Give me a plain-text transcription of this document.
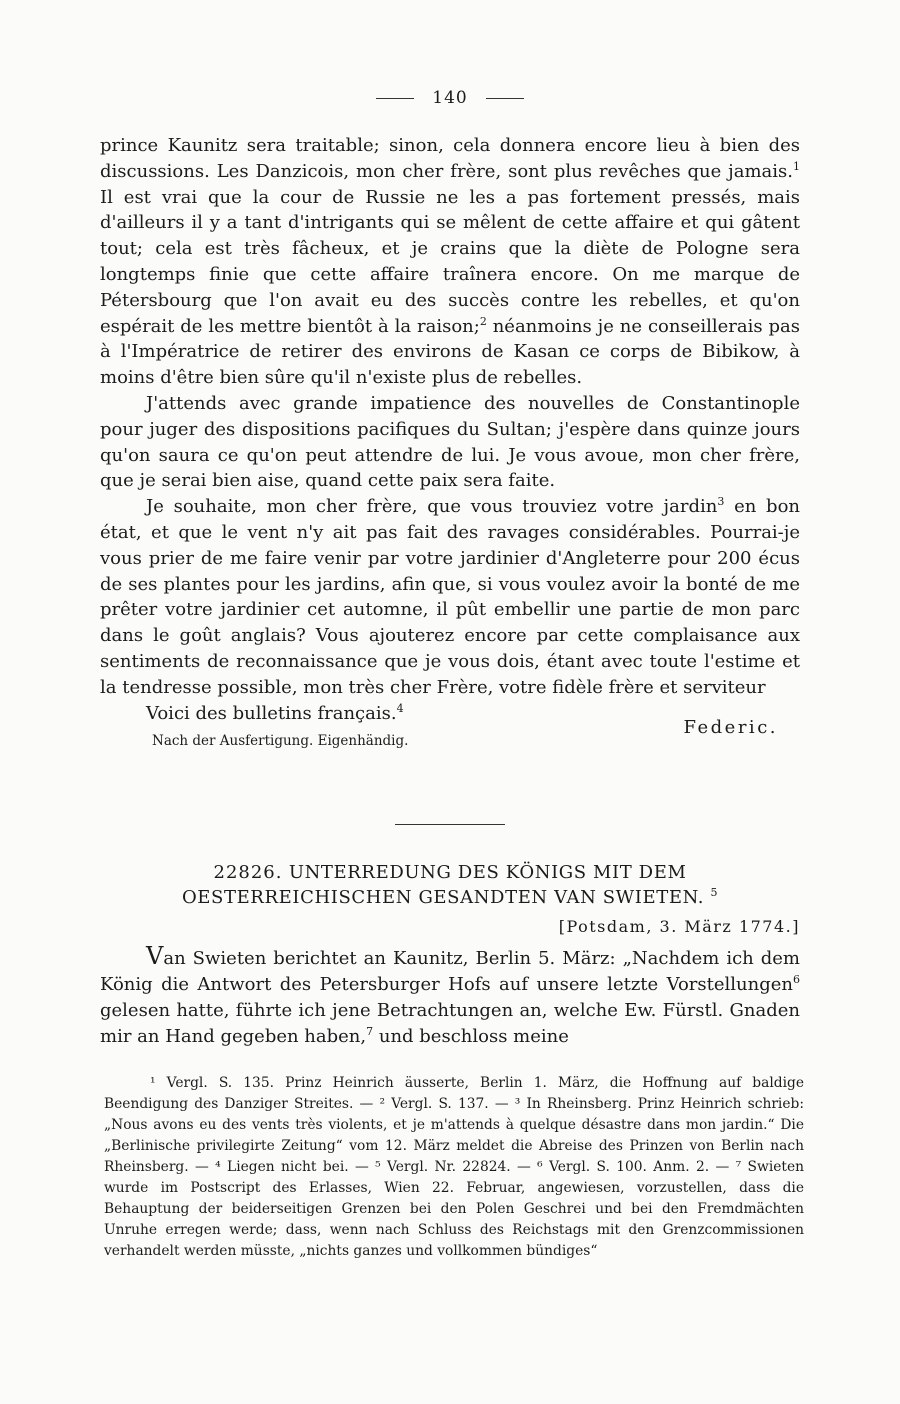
140

prince Kaunitz sera traitable; sinon, cela donnera encore lieu à bien des discussions. Les Danzicois, mon cher frère, sont plus revêches que jamais.$^1$ Il est vrai que la cour de Russie ne les a pas fortement pressés, mais d'ailleurs il y a tant d'intrigants qui se mêlent de cette affaire et qui gâtent tout; cela est très fâcheux, et je crains que la diète de Pologne sera longtemps finie que cette affaire traînera encore. On me marque de Pétersbourg que l'on avait eu des succès contre les rebelles, et qu'on espérait de les mettre bientôt à la raison;$^2$ néanmoins je ne conseillerais pas à l'Impératrice de retirer des environs de Kasan ce corps de Bibikow, à moins d'être bien sûre qu'il n'existe plus de rebelles.

J'attends avec grande impatience des nouvelles de Constantinople pour juger des dispositions pacifiques du Sultan; j'espère dans quinze jours qu'on saura ce qu'on peut attendre de lui. Je vous avoue, mon cher frère, que je serai bien aise, quand cette paix sera faite.

Je souhaite, mon cher frère, que vous trouviez votre jardin$^3$ en bon état, et que le vent n'y ait pas fait des ravages considérables. Pourrai-je vous prier de me faire venir par votre jardinier d'Angleterre pour 200 écus de ses plantes pour les jardins, afin que, si vous voulez avoir la bonté de me prêter votre jardinier cet automne, il pût embellir une partie de mon parc dans le goût anglais? Vous ajouterez encore par cette complaisance aux sentiments de reconnaissance que je vous dois, étant avec toute l'estime et la tendresse possible, mon très cher Frère, votre fidèle frère et serviteur

Voici des bulletins français.$^4$
Federic.
Nach der Ausfertigung. Eigenhändig.
22826. UNTERREDUNG DES KÖNIGS MIT DEM
OESTERREICHISCHEN GESANDTEN VAN SWIETEN. $^5$
[Potsdam, 3. März 1774.]

Van Swieten berichtet an Kaunitz, Berlin 5. März: „Nachdem ich dem König die Antwort des Petersburger Hofs auf unsere letzte Vorstellungen$^6$ gelesen hatte, führte ich jene Betrachtungen an, welche Ew. Fürstl. Gnaden mir an Hand gegeben haben,$^7$ und beschloss meine

¹ Vergl. S. 135. Prinz Heinrich äusserte, Berlin 1. März, die Hoffnung auf baldige Beendigung des Danziger Streites. — ² Vergl. S. 137. — ³ In Rheinsberg. Prinz Heinrich schrieb: „Nous avons eu des vents très violents, et je m'attends à quelque désastre dans mon jardin.“ Die „Berlinische privilegirte Zeitung“ vom 12. März meldet die Abreise des Prinzen von Berlin nach Rheinsberg. — ⁴ Liegen nicht bei. — ⁵ Vergl. Nr. 22824. — ⁶ Vergl. S. 100. Anm. 2. — ⁷ Swieten wurde im Postscript des Erlasses, Wien 22. Februar, angewiesen, vorzustellen, dass die Behauptung der beiderseitigen Grenzen bei den Polen Geschrei und bei den Fremdmächten Unruhe erregen werde; dass, wenn nach Schluss des Reichstags mit den Grenzcommissionen verhandelt werden müsste, „nichts ganzes und vollkommen bündiges“
